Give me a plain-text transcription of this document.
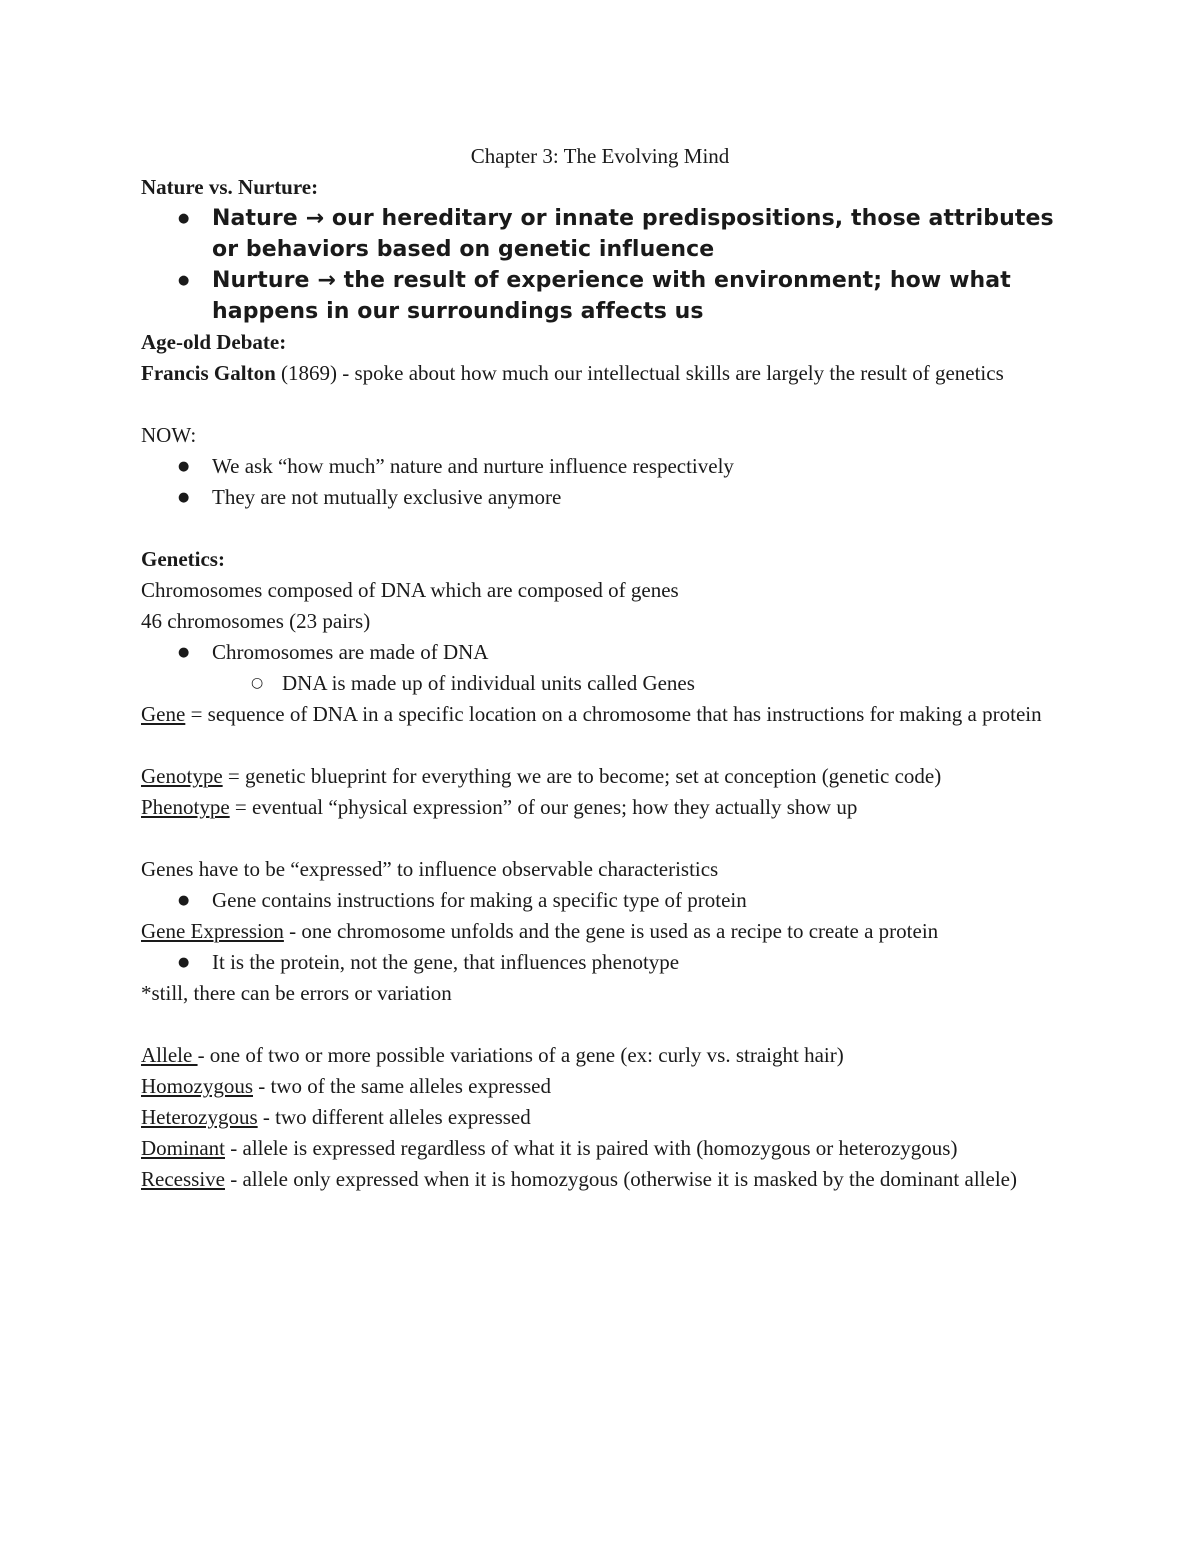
Chapter 3: The Evolving Mind
Nature vs. Nurture:
● Nature → our hereditary or innate predispositions, those attributes or behaviors based on genetic influence
● Nurture → the result of experience with environment; how what happens in our surroundings affects us
Age-old Debate:
Francis Galton (1869) - spoke about how much our intellectual skills are largely the result of genetics
NOW:
● We ask “how much” nature and nurture influence respectively
● They are not mutually exclusive anymore
Genetics:
Chromosomes composed of DNA which are composed of genes
46 chromosomes (23 pairs)
● Chromosomes are made of DNA
○ DNA is made up of individual units called Genes
Gene = sequence of DNA in a specific location on a chromosome that has instructions for making a protein
Genotype = genetic blueprint for everything we are to become; set at conception (genetic code)
Phenotype = eventual “physical expression” of our genes; how they actually show up
Genes have to be “expressed” to influence observable characteristics
● Gene contains instructions for making a specific type of protein
Gene Expression - one chromosome unfolds and the gene is used as a recipe to create a protein
● It is the protein, not the gene, that influences phenotype
*still, there can be errors or variation
Allele - one of two or more possible variations of a gene (ex: curly vs. straight hair)
Homozygous - two of the same alleles expressed
Heterozygous - two different alleles expressed
Dominant - allele is expressed regardless of what it is paired with (homozygous or heterozygous)
Recessive - allele only expressed when it is homozygous (otherwise it is masked by the dominant allele)
